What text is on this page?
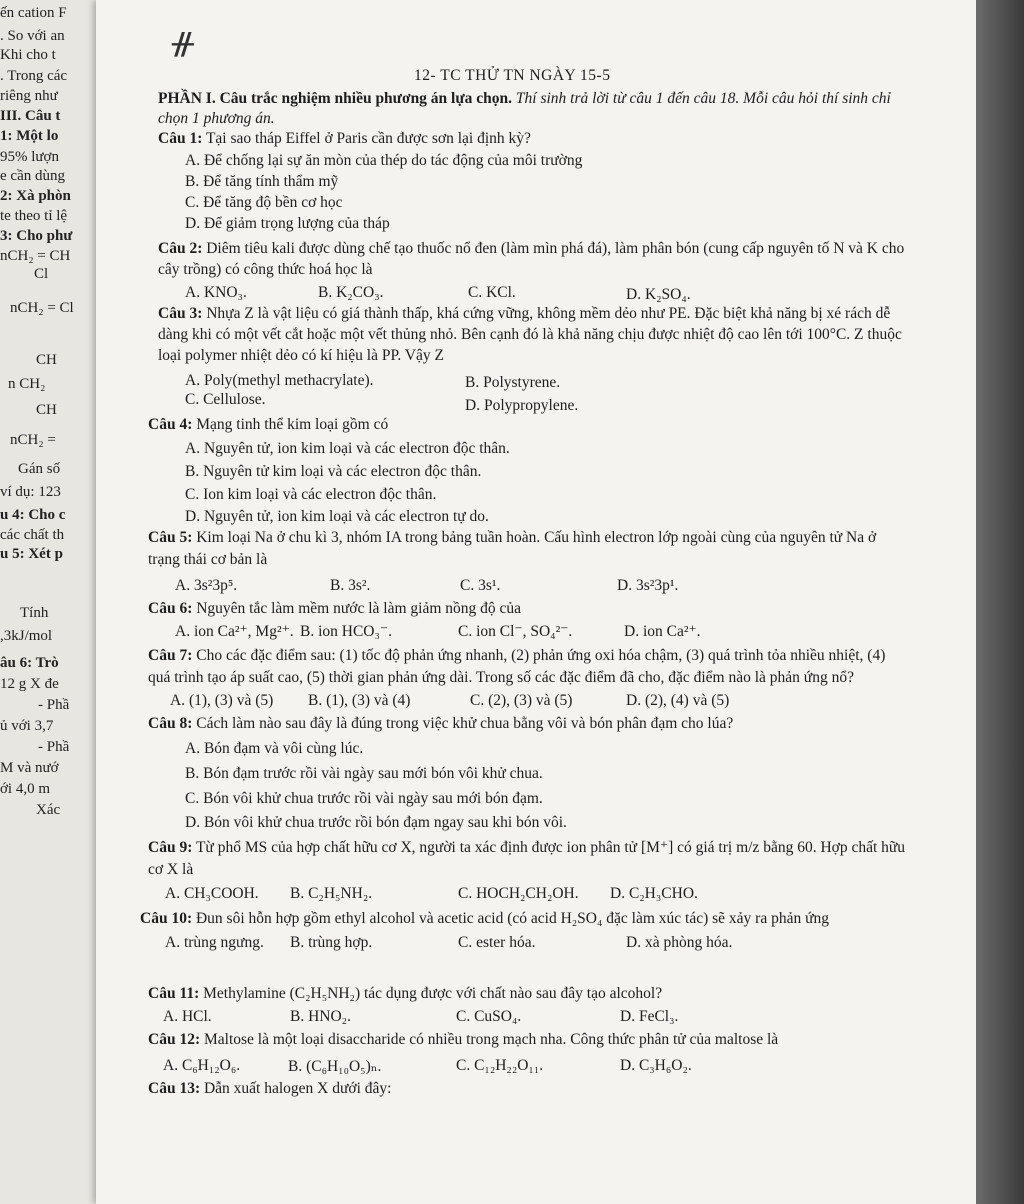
ến cation F
. So với an
Khi cho t
. Trong các
riêng như
III. Câu t
1: Một lo
95% lượn
e cần dùng
2: Xà phòn
te theo tỉ lệ
3: Cho phư
nCH₂ = CH
Cl
nCH₂ = Cl
CH
n CH₂
CH
nCH₂ =
Gán số
ví dụ: 123
u 4: Cho c
các chất th
u 5: Xét p
Tính
,3kJ/mol
âu 6: Trò
12 g X đe
- Phầ
ủ với 3,7
- Phầ
M và nướ
ới 4,0 m
Xác
ᚌ
12- TC THỬ TN NGÀY 15-5
PHẦN I. Câu trắc nghiệm nhiều phương án lựa chọn. Thí sinh trả lời từ câu 1 đến câu 18. Mỗi câu hỏi thí sinh chỉ
chọn 1 phương án.
Câu 1: Tại sao tháp Eiffel ở Paris cần được sơn lại định kỳ?
A. Để chống lại sự ăn mòn của thép do tác động của môi trường
B. Để tăng tính thẩm mỹ
C. Để tăng độ bền cơ học
D. Để giảm trọng lượng của tháp
Câu 2: Diêm tiêu kali được dùng chế tạo thuốc nổ đen (làm mìn phá đá), làm phân bón (cung cấp nguyên tố N và K cho
cây trồng) có công thức hoá học là
A. KNO₃.	B. K₂CO₃.	C. KCl.	D. K₂SO₄.
Câu 3: Nhựa Z là vật liệu có giá thành thấp, khá cứng vững, không mềm dẻo như PE. Đặc biệt khả năng bị xé rách dễ
dàng khi có một vết cắt hoặc một vết thủng nhỏ. Bên cạnh đó là khả năng chịu được nhiệt độ cao lên tới 100°C. Z thuộc
loại polymer nhiệt dẻo có kí hiệu là PP. Vậy Z
A. Poly(methyl methacrylate).	B. Polystyrene.
C. Cellulose.	D. Polypropylene.
Câu 4: Mạng tinh thể kim loại gồm có
A. Nguyên tử, ion kim loại và các electron độc thân.
B. Nguyên tử kim loại và các electron độc thân.
C. Ion kim loại và các electron độc thân.
D. Nguyên tử, ion kim loại và các electron tự do.
Câu 5: Kim loại Na ở chu kì 3, nhóm IA trong bảng tuần hoàn. Cấu hình electron lớp ngoài cùng của nguyên tử Na ở
trạng thái cơ bản là
A. 3s²3p⁵.	B. 3s².	C. 3s¹.	D. 3s²3p¹.
Câu 6: Nguyên tắc làm mềm nước là làm giảm nồng độ của
A. ion Ca²⁺, Mg²⁺. B. ion HCO₃⁻.	C. ion Cl⁻, SO₄²⁻.	D. ion Ca²⁺.
Câu 7: Cho các đặc điểm sau: (1) tốc độ phản ứng nhanh, (2) phản ứng oxi hóa chậm, (3) quá trình tỏa nhiều nhiệt, (4)
quá trình tạo áp suất cao, (5) thời gian phản ứng dài. Trong số các đặc điểm đã cho, đặc điểm nào là phản ứng nổ?
A. (1), (3) và (5) B. (1), (3) và (4)	C. (2), (3) và (5)	D. (2), (4) và (5)
Câu 8: Cách làm nào sau đây là đúng trong việc khử chua bằng vôi và bón phân đạm cho lúa?
A. Bón đạm và vôi cùng lúc.
B. Bón đạm trước rồi vài ngày sau mới bón vôi khử chua.
C. Bón vôi khử chua trước rồi vài ngày sau mới bón đạm.
D. Bón vôi khử chua trước rồi bón đạm ngay sau khi bón vôi.
Câu 9: Từ phổ MS của hợp chất hữu cơ X, người ta xác định được ion phân tử [M⁺] có giá trị m/z bằng 60. Hợp chất hữu
cơ X là
A. CH₃COOH. B. C₂H₅NH₂.	C. HOCH₂CH₂OH. D. C₂H₃CHO.
Câu 10: Đun sôi hỗn hợp gồm ethyl alcohol và acetic acid (có acid H₂SO₄ đặc làm xúc tác) sẽ xảy ra phản ứng
A. trùng ngưng. B. trùng hợp.	C. ester hóa.	D. xà phòng hóa.
Câu 11: Methylamine (C₂H₅NH₂) tác dụng được với chất nào sau đây tạo alcohol?
A. HCl.	B. HNO₂.	C. CuSO₄.	D. FeCl₃.
Câu 12: Maltose là một loại disaccharide có nhiều trong mạch nha. Công thức phân tử của maltose là
A. C₆H₁₂O₆.	B. (C₆H₁₀O₅)ₙ.	C. C₁₂H₂₂O₁₁.	D. C₃H₆O₂.
Câu 13: Dẫn xuất halogen X dưới đây:
